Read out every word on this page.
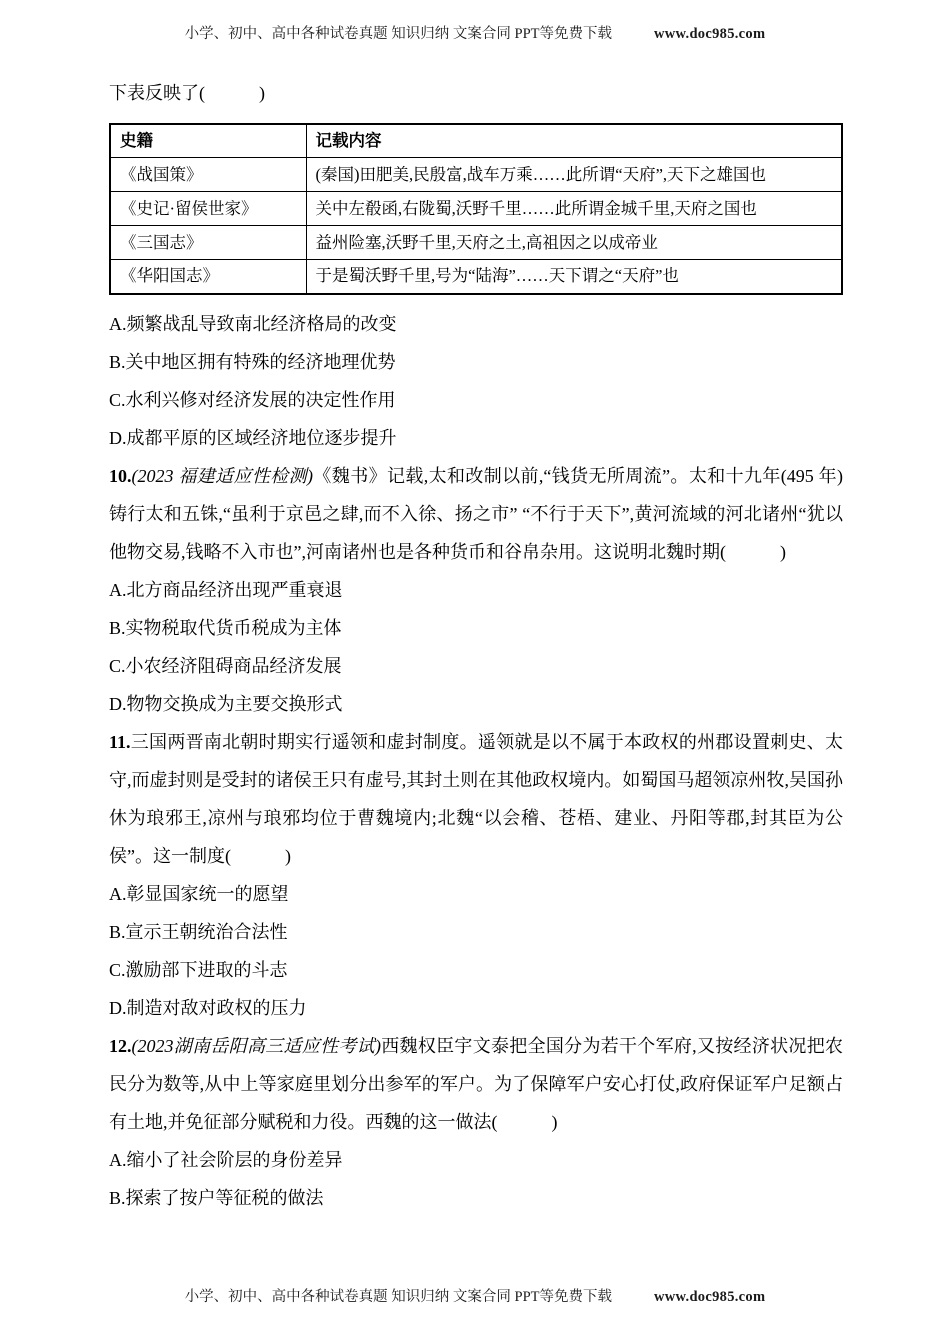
小学、初中、高中各种试卷真题 知识归纳 文案合同 PPT等免费下载	www.doc985.com

下表反映了(　　　)

史籍	记载内容
《战国策》	(秦国)田肥美,民殷富,战车万乘……此所谓“天府”,天下之雄国也
《史记·留侯世家》	关中左殽函,右陇蜀,沃野千里……此所谓金城千里,天府之国也
《三国志》	益州险塞,沃野千里,天府之土,高祖因之以成帝业
《华阳国志》	于是蜀沃野千里,号为“陆海”……天下谓之“天府”也

A.频繁战乱导致南北经济格局的改变

B.关中地区拥有特殊的经济地理优势

C.水利兴修对经济发展的决定性作用

D.成都平原的区域经济地位逐步提升

10.(2023 福建适应性检测)《魏书》记载,太和改制以前,“钱货无所周流”。太和十九年(495 年)铸行太和五铢,“虽利于京邑之肆,而不入徐、扬之市” “不行于天下”,黄河流域的河北诸州“犹以他物交易,钱略不入市也”,河南诸州也是各种货币和谷帛杂用。这说明北魏时期(　　　)

A.北方商品经济出现严重衰退

B.实物税取代货币税成为主体

C.小农经济阻碍商品经济发展

D.物物交换成为主要交换形式

11.三国两晋南北朝时期实行遥领和虚封制度。遥领就是以不属于本政权的州郡设置刺史、太守,而虚封则是受封的诸侯王只有虚号,其封土则在其他政权境内。如蜀国马超领凉州牧,吴国孙休为琅邪王,凉州与琅邪均位于曹魏境内;北魏“以会稽、苍梧、建业、丹阳等郡,封其臣为公侯”。这一制度(　　　)

A.彰显国家统一的愿望

B.宣示王朝统治合法性

C.激励部下进取的斗志

D.制造对敌对政权的压力

12.(2023湖南岳阳高三适应性考试)西魏权臣宇文泰把全国分为若干个军府,又按经济状况把农民分为数等,从中上等家庭里划分出参军的军户。为了保障军户安心打仗,政府保证军户足额占有土地,并免征部分赋税和力役。西魏的这一做法(　　　)

A.缩小了社会阶层的身份差异

B.探索了按户等征税的做法

小学、初中、高中各种试卷真题 知识归纳 文案合同 PPT等免费下载	www.doc985.com
